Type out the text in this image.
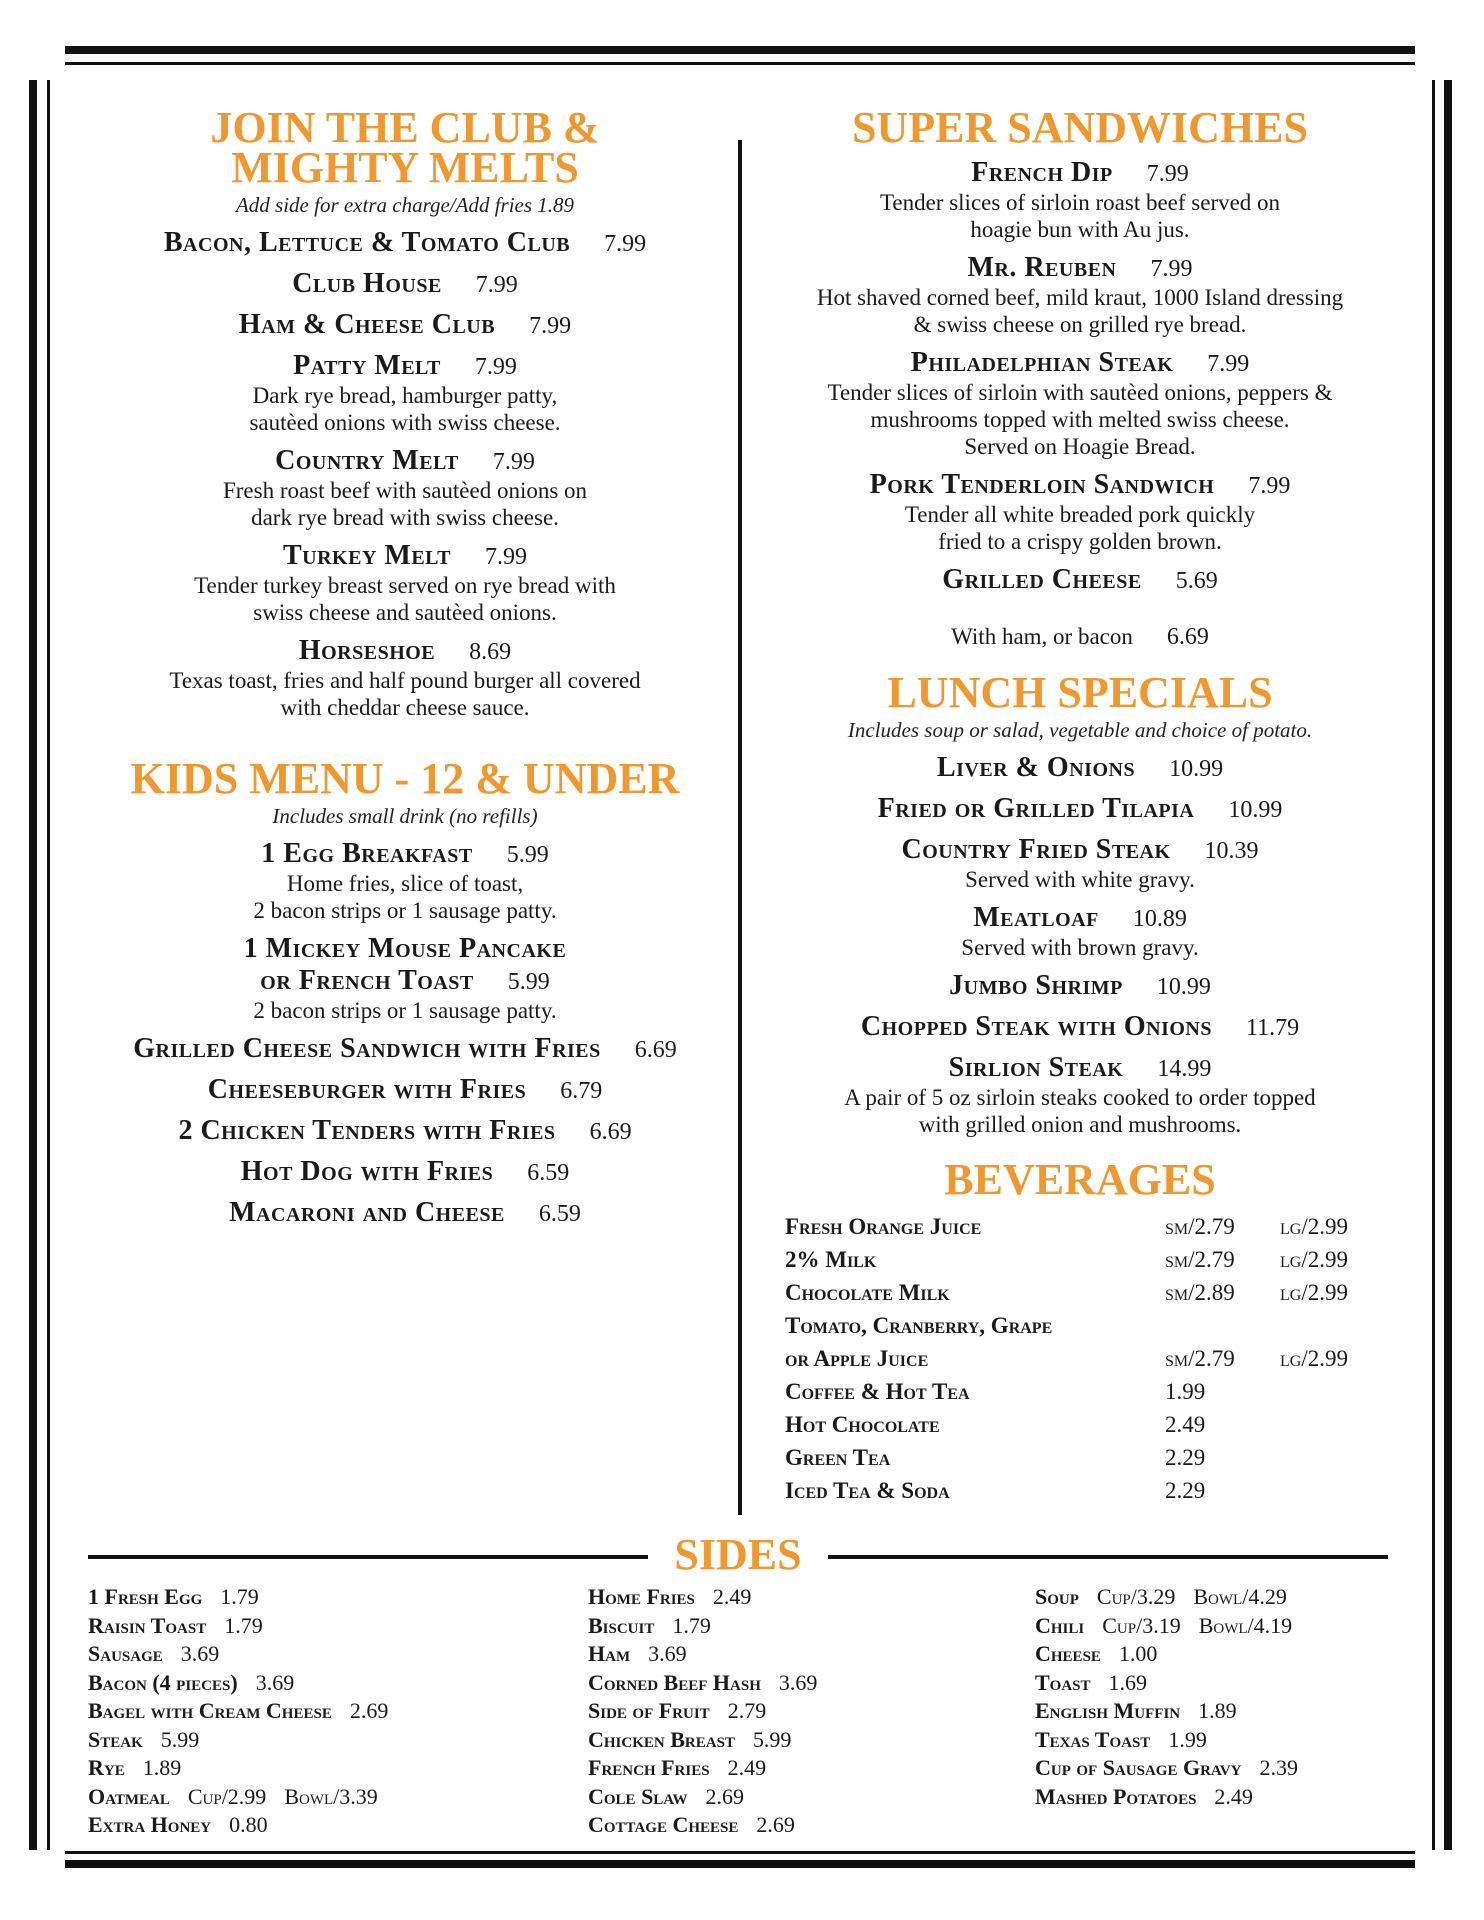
JOIN THE CLUB &
MIGHTY MELTS
Add side for extra charge/Add fries 1.89
Bacon, Lettuce & Tomato Club 7.99
Club House 7.99
Ham & Cheese Club 7.99
Patty Melt 7.99
Dark rye bread, hamburger patty,
sautèed onions with swiss cheese.
Country Melt 7.99
Fresh roast beef with sautèed onions on
dark rye bread with swiss cheese.
Turkey Melt 7.99
Tender turkey breast served on rye bread with
swiss cheese and sautèed onions.
Horseshoe 8.69
Texas toast, fries and half pound burger all covered
with cheddar cheese sauce.
KIDS MENU - 12 & UNDER
Includes small drink (no refills)
1 Egg Breakfast 5.99
Home fries, slice of toast,
2 bacon strips or 1 sausage patty.
1 Mickey Mouse Pancake
or French Toast 5.99
2 bacon strips or 1 sausage patty.
Grilled Cheese Sandwich with Fries 6.69
Cheeseburger with Fries 6.79
2 Chicken Tenders with Fries 6.69
Hot Dog with Fries 6.59
Macaroni and Cheese 6.59
SUPER SANDWICHES
French Dip 7.99
Tender slices of sirloin roast beef served on
hoagie bun with Au jus.
Mr. Reuben 7.99
Hot shaved corned beef, mild kraut, 1000 Island dressing
& swiss cheese on grilled rye bread.
Philadelphian Steak 7.99
Tender slices of sirloin with sautèed onions, peppers &
mushrooms topped with melted swiss cheese.
Served on Hoagie Bread.
Pork Tenderloin Sandwich 7.99
Tender all white breaded pork quickly
fried to a crispy golden brown.
Grilled Cheese 5.69

With ham, or bacon 6.69

LUNCH SPECIALS
Includes soup or salad, vegetable and choice of potato.
Liver & Onions 10.99
Fried or Grilled Tilapia 10.99
Country Fried Steak 10.39
Served with white gravy.
Meatloaf 10.89
Served with brown gravy.
Jumbo Shrimp 10.99
Chopped Steak with Onions 11.79
Sirlion Steak 14.99
A pair of 5 oz sirloin steaks cooked to order topped
with grilled onion and mushrooms.
BEVERAGES
Fresh Orange Juice	sm/2.79	lg/2.99
2% Milk	sm/2.79	lg/2.99
Chocolate Milk	sm/2.89	lg/2.99
Tomato, Cranberry, Grape
or Apple Juice	sm/2.79	lg/2.99
Coffee & Hot Tea	1.99
Hot Chocolate	2.49
Green Tea	2.29
Iced Tea & Soda	2.29
SIDES
1 Fresh Egg 1.79
Raisin Toast 1.79
Sausage 3.69
Bacon (4 pieces) 3.69
Bagel with Cream Cheese 2.69
Steak 5.99
Rye 1.89
Oatmeal Cup/2.99 Bowl/3.39
Extra Honey 0.80
Home Fries 2.49
Biscuit 1.79
Ham 3.69
Corned Beef Hash 3.69
Side of Fruit 2.79
Chicken Breast 5.99
French Fries 2.49
Cole Slaw 2.69
Cottage Cheese 2.69
Soup Cup/3.29 Bowl/4.29
Chili Cup/3.19 Bowl/4.19
Cheese 1.00
Toast 1.69
English Muffin 1.89
Texas Toast 1.99
Cup of Sausage Gravy 2.39
Mashed Potatoes 2.49
